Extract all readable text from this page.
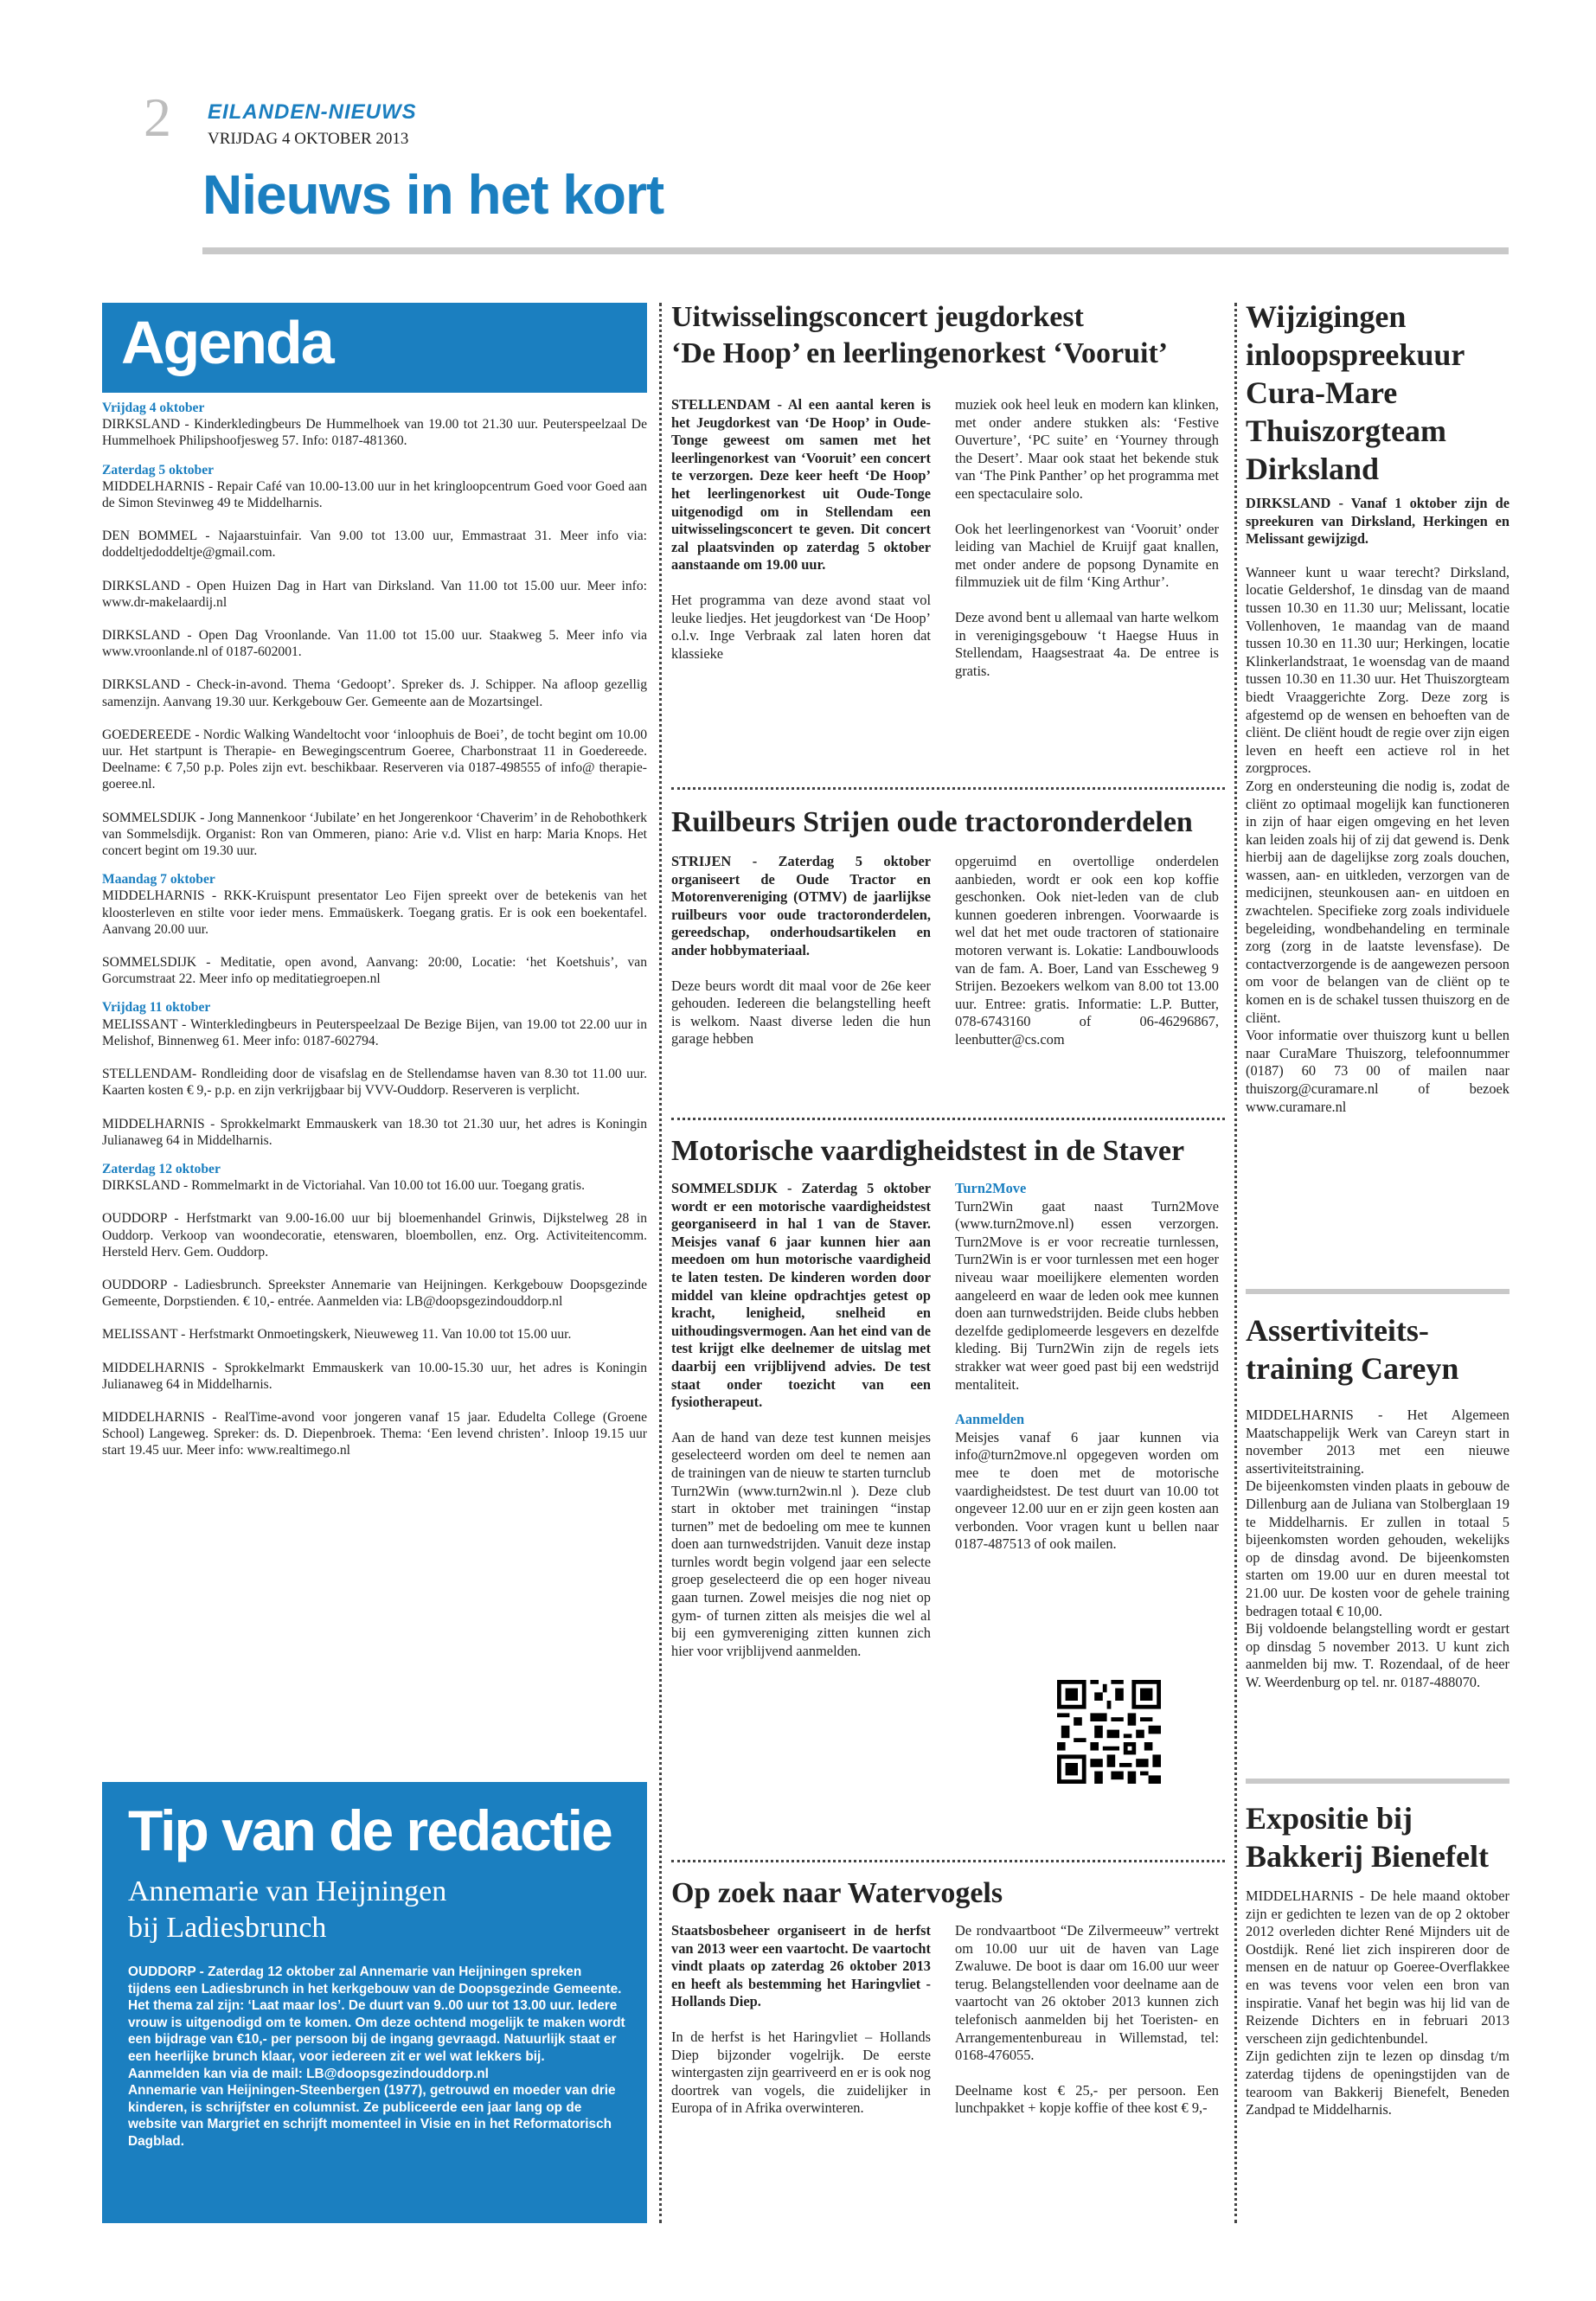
2 EILANDEN-NIEUWS
VRIJDAG 4 OKTOBER 2013
Nieuws in het kort
Agenda
Vrijdag 4 oktober
DIRKSLAND - Kinderkledingbeurs De Hummelhoek van 19.00 tot 21.30 uur. Peuterspeelzaal De Hummelhoek Philipshoofjesweg 57. Info: 0187-481360.
Zaterdag 5 oktober
MIDDELHARNIS - Repair Café van 10.00-13.00 uur in het kringloopcentrum Goed voor Goed aan de Simon Stevinweg 49 te Middelharnis.
DEN BOMMEL - Najaarstuinfair. Van 9.00 tot 13.00 uur, Emmastraat 31. Meer info via: doddeltjedoddeltje@gmail.com.
DIRKSLAND - Open Huizen Dag in Hart van Dirksland. Van 11.00 tot 15.00 uur. Meer info: www.dr-makelaardij.nl
DIRKSLAND - Open Dag Vroonlande. Van 11.00 tot 15.00 uur. Staakweg 5. Meer info via www.vroonlande.nl of 0187-602001.
DIRKSLAND - Check-in-avond. Thema ‘Gedoopt’. Spreker ds. J. Schipper. Na afloop gezellig samenzijn. Aanvang 19.30 uur. Kerkgebouw Ger. Gemeente aan de Mozartsingel.
GOEDEREEDE - Nordic Walking Wandeltocht voor ‘inloophuis de Boei’, de tocht begint om 10.00 uur. Het startpunt is Therapie- en Bewegingscentrum Goeree, Charbonstraat 11 in Goedereede. Deelname: € 7,50 p.p. Poles zijn evt. beschikbaar. Reserveren via 0187-498555 of info@ therapie-goeree.nl.
SOMMELSDIJK - Jong Mannenkoor ‘Jubilate’ en het Jongerenkoor ‘Chaverim’ in de Rehobothkerk van Sommelsdijk. Organist: Ron van Ommeren, piano: Arie v.d. Vlist en harp: Maria Knops. Het concert begint om 19.30 uur.
Maandag 7 oktober
MIDDELHARNIS - RKK-Kruispunt presentator Leo Fijen spreekt over de betekenis van het kloosterleven en stilte voor ieder mens. Emmaüskerk. Toegang gratis. Er is ook een boekentafel. Aanvang 20.00 uur.
SOMMELSDIJK - Meditatie, open avond, Aanvang: 20:00, Locatie: ‘het Koetshuis’, van Gorcumstraat 22. Meer info op meditatiegroepen.nl
Vrijdag 11 oktober
MELISSANT - Winterkledingbeurs in Peuterspeelzaal De Bezige Bijen, van 19.00 tot 22.00 uur in Melishof, Binnenweg 61. Meer info: 0187-602794.
STELLENDAM- Rondleiding door de visafslag en de Stellendamse haven van 8.30 tot 11.00 uur. Kaarten kosten € 9,- p.p. en zijn verkrijgbaar bij VVV-Ouddorp. Reserveren is verplicht.
MIDDELHARNIS - Sprokkelmarkt Emmauskerk van 18.30 tot 21.30 uur, het adres is Koningin Julianaweg 64 in Middelharnis.
Zaterdag 12 oktober
DIRKSLAND - Rommelmarkt in de Victoriahal. Van 10.00 tot 16.00 uur. Toegang gratis.
OUDDORP - Herfstmarkt van 9.00-16.00 uur bij bloemenhandel Grinwis, Dijkstelweg 28 in Ouddorp. Verkoop van woondecoratie, etenswaren, bloembollen, enz. Org. Activiteitencomm. Hersteld Herv. Gem. Ouddorp.
OUDDORP - Ladiesbrunch. Spreekster Annemarie van Heijningen. Kerkgebouw Doopsgezinde Gemeente, Dorpstienden. € 10,- entrée. Aanmelden via: LB@doopsgezindouddorp.nl
MELISSANT - Herfstmarkt Onmoetingskerk, Nieuweweg 11. Van 10.00 tot 15.00 uur.
MIDDELHARNIS - Sprokkelmarkt Emmauskerk van 10.00-15.30 uur, het adres is Koningin Julianaweg 64 in Middelharnis.
MIDDELHARNIS - RealTime-avond voor jongeren vanaf 15 jaar. Edudelta College (Groene School) Langeweg. Spreker: ds. D. Diepenbroek. Thema: ‘Een levend christen’. Inloop 19.15 uur start 19.45 uur. Meer info: www.realtimego.nl
Tip van de redactie
Annemarie van Heijningen
bij Ladiesbrunch
OUDDORP - Zaterdag 12 oktober zal Annemarie van Heijningen spreken tijdens een Ladiesbrunch in het kerkgebouw van de Doopsgezinde Gemeente. Het thema zal zijn: ‘Laat maar los’. De duurt van 9..00 uur tot 13.00 uur. Iedere vrouw is uitgenodigd om te komen. Om deze ochtend mogelijk te maken wordt een bijdrage van €10,- per persoon bij de ingang gevraagd. Natuurlijk staat er een heerlijke brunch klaar, voor iedereen zit er wel wat lekkers bij.
Aanmelden kan via de mail: LB@doopsgezindouddorp.nl
Annemarie van Heijningen-Steenbergen (1977), getrouwd en moeder van drie kinderen, is schrijfster en columnist. Ze publiceerde een jaar lang op de website van Margriet en schrijft momenteel in Visie en in het Reformatorisch Dagblad.
Uitwisselingsconcert jeugdorkest
‘De Hoop’ en leerlingenorkest ‘Vooruit’

STELLENDAM - Al een aantal keren is het Jeugdorkest van ‘De Hoop’ in Oude-Tonge geweest om samen met het leerlingenorkest van ‘Vooruit’ een concert te verzorgen. Deze keer heeft ‘De Hoop’ het leerlingenorkest uit Oude-Tonge uitgenodigd om in Stellendam een uitwisselingsconcert te geven. Dit concert zal plaatsvinden op zaterdag 5 oktober aanstaande om 19.00 uur.

Het programma van deze avond staat vol leuke liedjes. Het jeugdorkest van ‘De Hoop’ o.l.v. Inge Verbraak zal laten horen dat klassieke

muziek ook heel leuk en modern kan klinken, met onder andere stukken als: ‘Festive Ouverture’, ‘PC suite’ en ‘Yourney through the Desert’. Maar ook staat het bekende stuk van ‘The Pink Panther’ op het programma met een spectaculaire solo.

Ook het leerlingenorkest van ‘Vooruit’ onder leiding van Machiel de Kruijf gaat knallen, met onder andere de popsong Dynamite en filmmuziek uit de film ‘King Arthur’.

Deze avond bent u allemaal van harte welkom in verenigingsgebouw ‘t Haegse Huus in Stellendam, Haagsestraat 4a. De entree is gratis.

Ruilbeurs Strijen oude tractoronderdelen

STRIJEN - Zaterdag 5 oktober organiseert de Oude Tractor en Motorenvereniging (OTMV) de jaarlijkse ruilbeurs voor oude tractoronderdelen, gereedschap, onderhoudsartikelen en ander hobbymateriaal.

Deze beurs wordt dit maal voor de 26e keer gehouden. Iedereen die belangstelling heeft is welkom. Naast diverse leden die hun garage hebben

opgeruimd en overtollige onderdelen aanbieden, wordt er ook een kop koffie geschonken. Ook niet-leden van de club kunnen goederen inbrengen. Voorwaarde is wel dat het met oude tractoren of stationaire motoren verwant is. Lokatie: Landbouwloods van de fam. A. Boer, Land van Esscheweg 9 Strijen. Bezoekers welkom van 8.00 tot 13.00 uur. Entree: gratis. Informatie: L.P. Butter, 078-6743160 of 06-46296867, leenbutter@cs.com

Motorische vaardigheidstest in de Staver

SOMMELSDIJK - Zaterdag 5 oktober wordt er een motorische vaardigheidstest georganiseerd in hal 1 van de Staver. Meisjes vanaf 6 jaar kunnen hier aan meedoen om hun motorische vaardigheid te laten testen. De kinderen worden door middel van kleine opdrachtjes getest op kracht, lenigheid, snelheid en uithoudingsvermogen. Aan het eind van de test krijgt elke deelnemer de uitslag met daarbij een vrijblijvend advies. De test staat onder toezicht van een fysiotherapeut.

Aan de hand van deze test kunnen meisjes geselecteerd worden om deel te nemen aan de trainingen van de nieuw te starten turnclub Turn2Win (www.turn2win.nl ). Deze club start in oktober met trainingen “instap turnen” met de bedoeling om mee te kunnen doen aan turnwedstrijden. Vanuit deze instap turnles wordt begin volgend jaar een selecte groep geselecteerd die op een hoger niveau gaan turnen. Zowel meisjes die nog niet op gym- of turnen zitten als meisjes die wel al bij een gymvereniging zitten kunnen zich hier voor vrijblijvend aanmelden.

Turn2Move

Turn2Win gaat naast Turn2Move (www.turn2move.nl) essen verzorgen. Turn2Move is er voor recreatie turnlessen, Turn2Win is er voor turnlessen met een hoger niveau waar moeilijkere elementen worden aangeleerd en waar de leden ook mee kunnen doen aan turnwedstrijden. Beide clubs hebben dezelfde gediplomeerde lesgevers en dezelfde kleding. Bij Turn2Win zijn de regels iets strakker wat weer goed past bij een wedstrijd mentaliteit.

Aanmelden

Meisjes vanaf 6 jaar kunnen via info@turn2move.nl opgegeven worden om mee te doen met de motorische vaardigheidstest. De test duurt van 10.00 tot ongeveer 12.00 uur en er zijn geen kosten aan verbonden. Voor vragen kunt u bellen naar 0187-487513 of ook mailen.

Op zoek naar Watervogels

Staatsbosbeheer organiseert in de herfst van 2013 weer een vaartocht. De vaartocht vindt plaats op zaterdag 26 oktober 2013 en heeft als bestemming het Haringvliet - Hollands Diep.

In de herfst is het Haringvliet – Hollands Diep bijzonder vogelrijk. De eerste wintergasten zijn gearriveerd en er is ook nog doortrek van vogels, die zuidelijker in Europa of in Afrika overwinteren.

De rondvaartboot “De Zilvermeeuw” vertrekt om 10.00 uur uit de haven van Lage Zwaluwe. De boot is daar om 16.00 uur weer terug. Belangstellenden voor deelname aan de vaartocht van 26 oktober 2013 kunnen zich telefonisch aanmelden bij het Toeristen- en Arrangementenbureau in Willemstad, tel: 0168-476055.

Deelname kost € 25,- per persoon. Een lunchpakket + kopje koffie of thee kost € 9,-

Wijzigingen inloopspreekuur Cura-Mare Thuiszorgteam Dirksland

DIRKSLAND - Vanaf 1 oktober zijn de spreekuren van Dirksland, Herkingen en Melissant gewijzigd.

Wanneer kunt u waar terecht? Dirksland, locatie Geldershof, 1e dinsdag van de maand tussen 10.30 en 11.30 uur; Melissant, locatie Vollenhoven, 1e maandag van de maand tussen 10.30 en 11.30 uur; Herkingen, locatie Klinkerlandstraat, 1e woensdag van de maand tussen 10.30 en 11.30 uur. Het Thuiszorgteam biedt Vraaggerichte Zorg. Deze zorg is afgestemd op de wensen en behoeften van de cliënt. De cliënt houdt de regie over zijn eigen leven en heeft een actieve rol in het zorgproces.

Zorg en ondersteuning die nodig is, zodat de cliënt zo optimaal mogelijk kan functioneren in zijn of haar eigen omgeving en het leven kan leiden zoals hij of zij dat gewend is. Denk hierbij aan de dagelijkse zorg zoals douchen, wassen, aan- en uitkleden, verzorgen van de medicijnen, steunkousen aan- en uitdoen en zwachtelen. Specifieke zorg zoals individuele begeleiding, wondbehandeling en terminale zorg (zorg in de laatste levensfase). De contactverzorgende is de aangewezen persoon om voor de belangen van de cliënt op te komen en is de schakel tussen thuiszorg en de cliënt.

Voor informatie over thuiszorg kunt u bellen naar CuraMare Thuiszorg, telefoonnummer (0187) 60 73 00 of mailen naar thuiszorg@curamare.nl of bezoek www.curamare.nl

Assertiviteits-
training Careyn

MIDDELHARNIS - Het Algemeen Maatschappelijk Werk van Careyn start in november 2013 met een nieuwe assertiviteitstraining.

De bijeenkomsten vinden plaats in gebouw de Dillenburg aan de Juliana van Stolberglaan 19 te Middelharnis. Er zullen in totaal 5 bijeenkomsten worden gehouden, wekelijks op de dinsdag avond. De bijeenkomsten starten om 19.00 uur en duren meestal tot 21.00 uur. De kosten voor de gehele training bedragen totaal € 10,00.

Bij voldoende belangstelling wordt er gestart op dinsdag 5 november 2013. U kunt zich aanmelden bij mw. T. Rozendaal, of de heer W. Weerdenburg op tel. nr. 0187-488070.

Expositie bij
Bakkerij Bienefelt

MIDDELHARNIS - De hele maand oktober zijn er gedichten te lezen van de op 2 oktober 2012 overleden dichter René Mijnders uit de Oostdijk. René liet zich inspireren door de mensen en de natuur op Goeree-Overflakkee en was tevens voor velen een bron van inspiratie. Vanaf het begin was hij lid van de Reizende Dichters en in februari 2013 verscheen zijn gedichtenbundel.

Zijn gedichten zijn te lezen op dinsdag t/m zaterdag tijdens de openingstijden van de tearoom van Bakkerij Bienefelt, Beneden Zandpad te Middelharnis.
